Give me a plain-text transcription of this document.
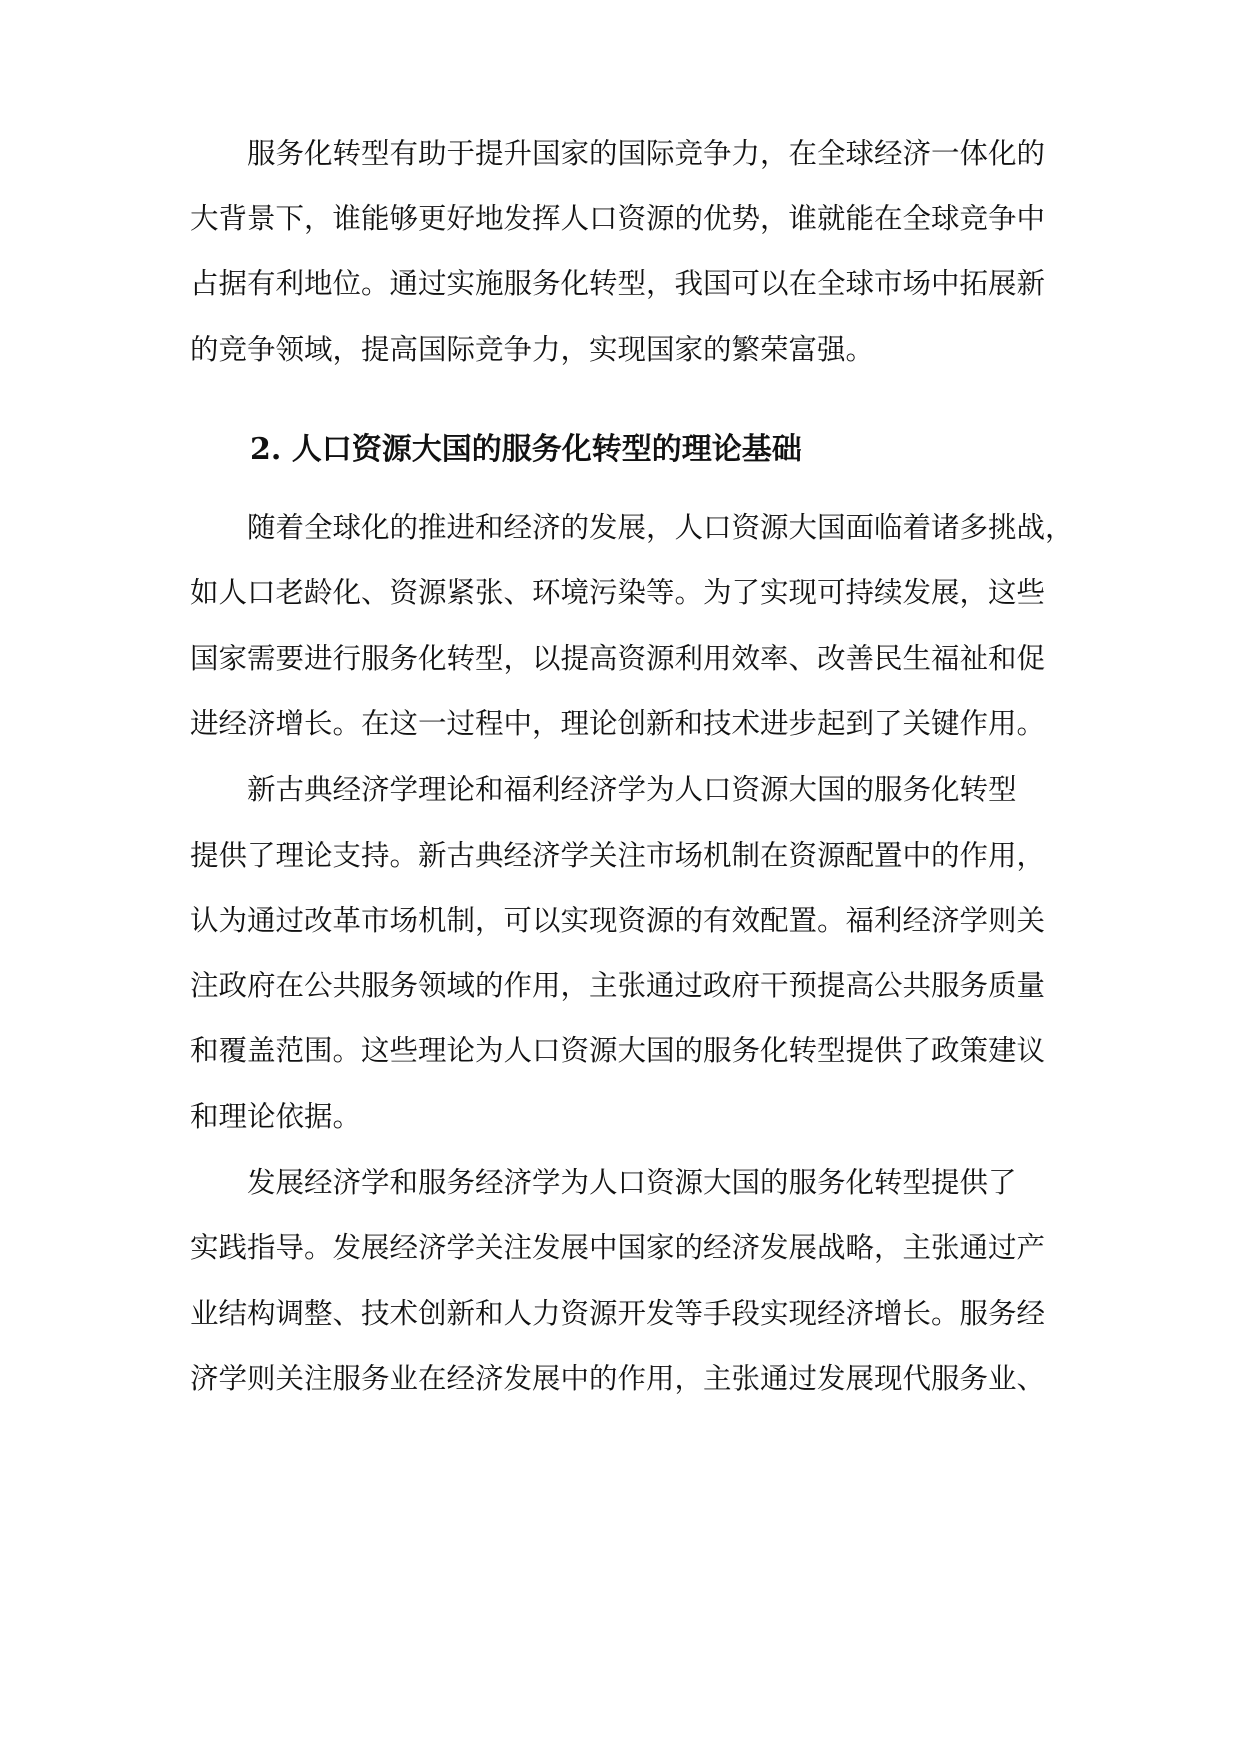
服务化转型有助于提升国家的国际竞争力，在全球经济一体化的
大背景下，谁能够更好地发挥人口资源的优势，谁就能在全球竞争中
占据有利地位。通过实施服务化转型，我国可以在全球市场中拓展新
的竞争领域，提高国际竞争力，实现国家的繁荣富强。
2. 人口资源大国的服务化转型的理论基础
随着全球化的推进和经济的发展，人口资源大国面临着诸多挑战，
如人口老龄化、资源紧张、环境污染等。为了实现可持续发展，这些
国家需要进行服务化转型，以提高资源利用效率、改善民生福祉和促
进经济增长。在这一过程中，理论创新和技术进步起到了关键作用。
新古典经济学理论和福利经济学为人口资源大国的服务化转型
提供了理论支持。新古典经济学关注市场机制在资源配置中的作用，
认为通过改革市场机制，可以实现资源的有效配置。福利经济学则关
注政府在公共服务领域的作用，主张通过政府干预提高公共服务质量
和覆盖范围。这些理论为人口资源大国的服务化转型提供了政策建议
和理论依据。
发展经济学和服务经济学为人口资源大国的服务化转型提供了
实践指导。发展经济学关注发展中国家的经济发展战略，主张通过产
业结构调整、技术创新和人力资源开发等手段实现经济增长。服务经
济学则关注服务业在经济发展中的作用，主张通过发展现代服务业、
